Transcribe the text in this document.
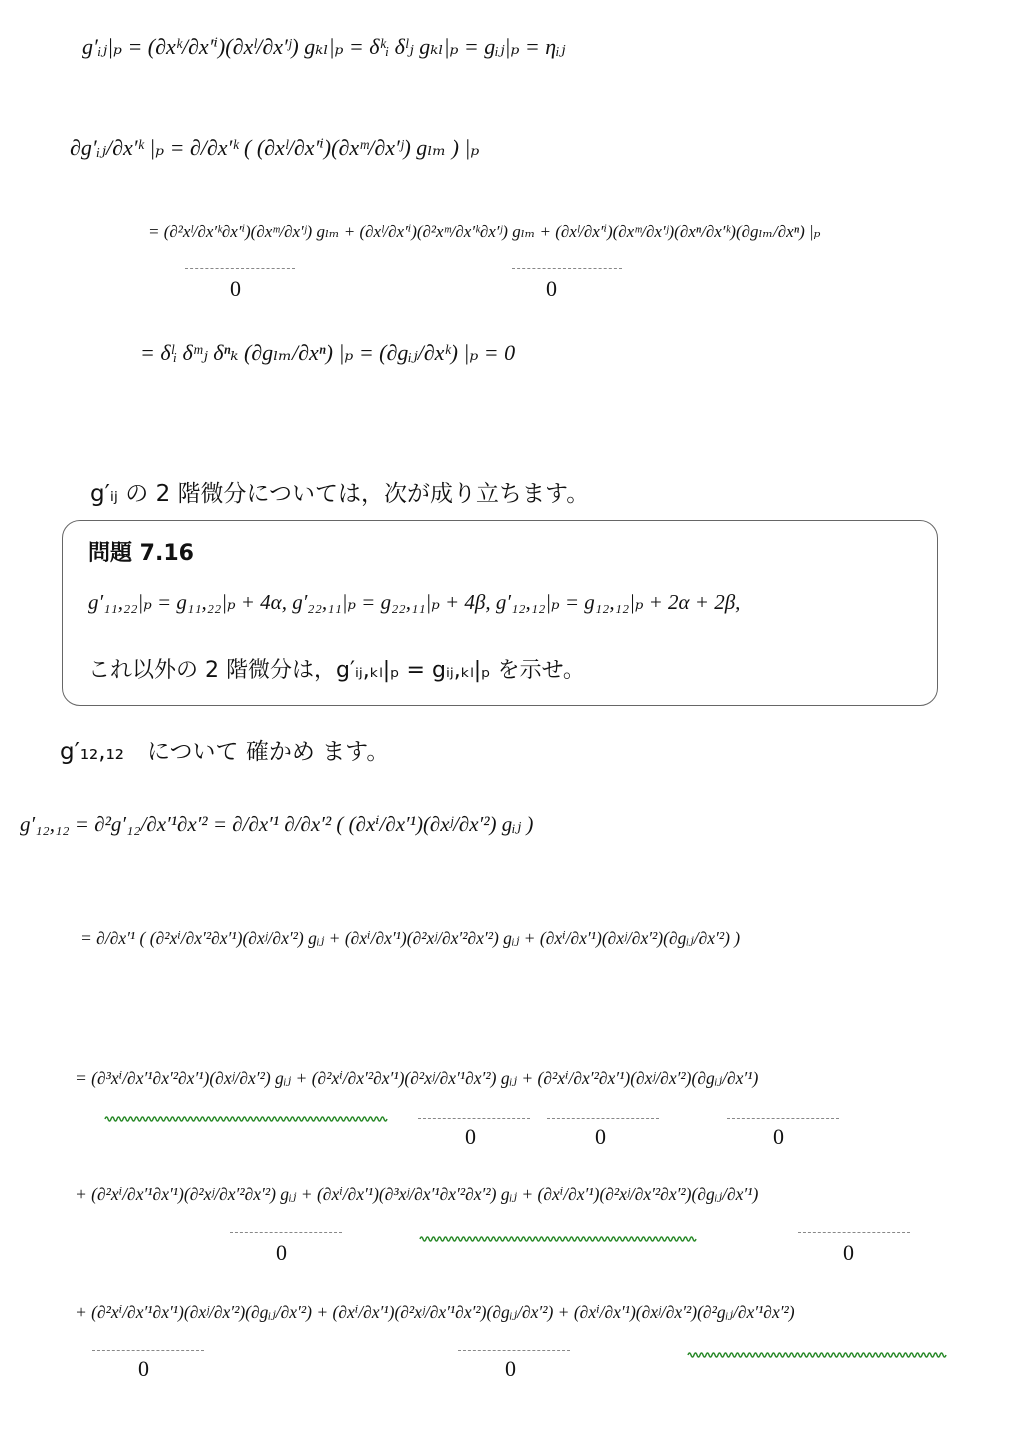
g′ᵢⱼ|ₚ = (∂xᵏ/∂x′ⁱ)(∂xˡ/∂x′ʲ) gₖₗ|ₚ = δᵏᵢ δˡⱼ gₖₗ|ₚ = gᵢⱼ|ₚ = ηᵢⱼ
∂g′ᵢⱼ/∂x′ᵏ |ₚ = ∂/∂x′ᵏ ( (∂xˡ/∂x′ⁱ)(∂xᵐ/∂x′ʲ) gₗₘ ) |ₚ
= (∂²xˡ/∂x′ᵏ∂x′ⁱ)(∂xᵐ/∂x′ʲ) gₗₘ + (∂xˡ/∂x′ⁱ)(∂²xᵐ/∂x′ᵏ∂x′ʲ) gₗₘ + (∂xˡ/∂x′ⁱ)(∂xᵐ/∂x′ʲ)(∂xⁿ/∂x′ᵏ)(∂gₗₘ/∂xⁿ) |ₚ
0	0
= δˡᵢ δᵐⱼ δⁿₖ (∂gₗₘ/∂xⁿ) |ₚ = (∂gᵢⱼ/∂xᵏ) |ₚ = 0
g′ᵢⱼ の 2 階微分については，次が成り立ちます。
問題 7.16
g′₁₁,₂₂|ₚ = g₁₁,₂₂|ₚ + 4α, g′₂₂,₁₁|ₚ = g₂₂,₁₁|ₚ + 4β, g′₁₂,₁₂|ₚ = g₁₂,₁₂|ₚ + 2α + 2β,
これ以外の 2 階微分は，g′ᵢⱼ,ₖₗ|ₚ = gᵢⱼ,ₖₗ|ₚ を示せ。
g′₁₂,₁₂　について 確かめ ます。
g′₁₂,₁₂ = ∂²g′₁₂/∂x′¹∂x′² = ∂/∂x′¹ ∂/∂x′² ( (∂xⁱ/∂x′¹)(∂xʲ/∂x′²) gᵢⱼ )
= ∂/∂x′¹ ( (∂²xⁱ/∂x′²∂x′¹)(∂xʲ/∂x′²) gᵢⱼ + (∂xⁱ/∂x′¹)(∂²xʲ/∂x′²∂x′²) gᵢⱼ + (∂xⁱ/∂x′¹)(∂xʲ/∂x′²)(∂gᵢⱼ/∂x′²) )
= (∂³xⁱ/∂x′¹∂x′²∂x′¹)(∂xʲ/∂x′²) gᵢⱼ + (∂²xⁱ/∂x′²∂x′¹)(∂²xʲ/∂x′¹∂x′²) gᵢⱼ + (∂²xⁱ/∂x′²∂x′¹)(∂xʲ/∂x′²)(∂gᵢⱼ/∂x′¹)
0	0	0
+ (∂²xⁱ/∂x′¹∂x′¹)(∂²xʲ/∂x′²∂x′²) gᵢⱼ + (∂xⁱ/∂x′¹)(∂³xʲ/∂x′¹∂x′²∂x′²) gᵢⱼ + (∂xⁱ/∂x′¹)(∂²xʲ/∂x′²∂x′²)(∂gᵢⱼ/∂x′¹)
0	0
+ (∂²xⁱ/∂x′¹∂x′¹)(∂xʲ/∂x′²)(∂gᵢⱼ/∂x′²) + (∂xⁱ/∂x′¹)(∂²xʲ/∂x′¹∂x′²)(∂gᵢⱼ/∂x′²) + (∂xⁱ/∂x′¹)(∂xʲ/∂x′²)(∂²gᵢⱼ/∂x′¹∂x′²)
0	0
